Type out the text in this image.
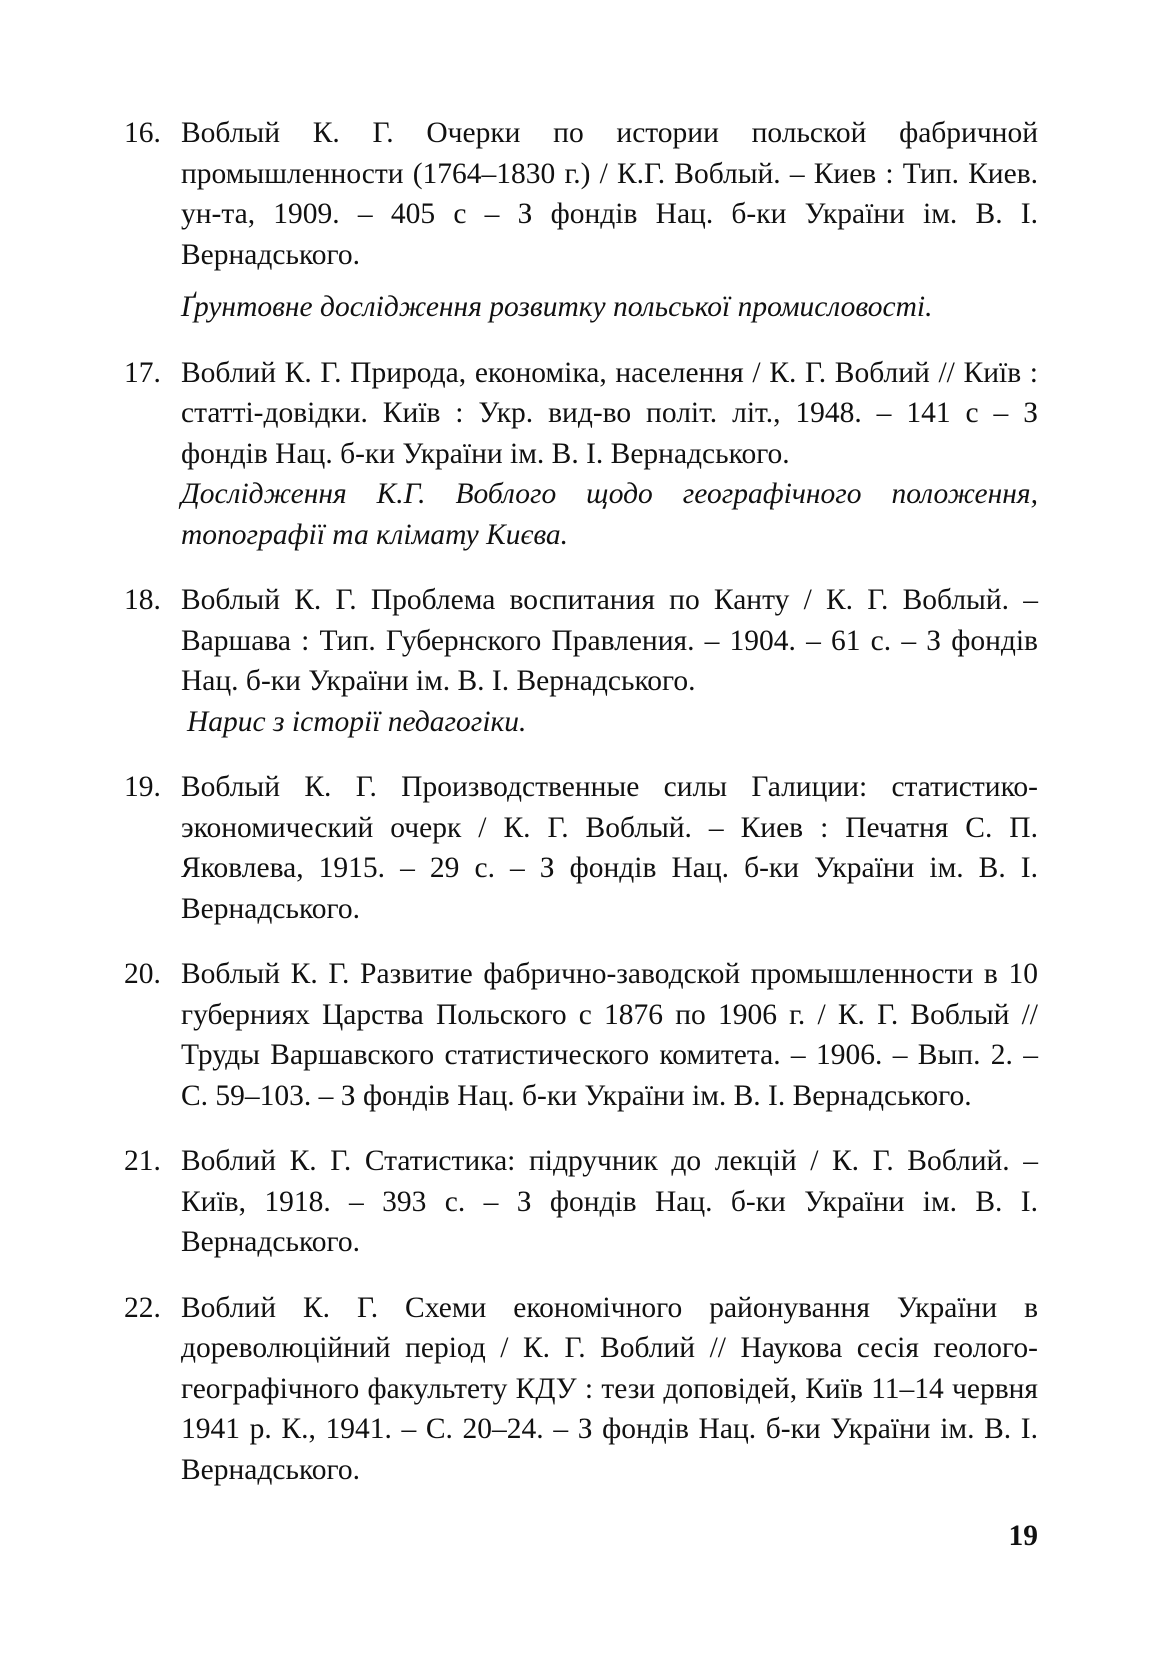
16. Воблый К. Г. Очерки по истории польской фабричной промышленности (1764–1830 г.) / К.Г. Воблый. – Киев : Тип. Киев. ун-та, 1909. – 405 с – З фондів Нац. б-ки України ім. В. І. Вернадського.
Ґрунтовне дослідження розвитку польської промисловості.
17. Воблий К. Г. Природа, економіка, населення / К. Г. Воблий // Київ : статті-довідки. Київ : Укр. вид-во політ. літ., 1948. – 141 с – З фондів Нац. б-ки України ім. В. І. Вернадського.
Дослідження К.Г. Воблого щодо географічного положення, топографії та клімату Києва.
18. Воблый К. Г. Проблема воспитания по Канту / К. Г. Воблый. – Варшава : Тип. Губернского Правления. – 1904. – 61 с. – З фондів Нац. б-ки України ім. В. І. Вернадського.
Нарис з історії педагогіки.
19. Воблый К. Г. Производственные силы Галиции: статистико-экономический очерк / К. Г. Воблый. – Киев : Печатня С. П. Яковлева, 1915. – 29 с. – З фондів Нац. б-ки України ім. В. І. Вернадського.
20. Воблый К. Г. Развитие фабрично-заводской промышленности в 10 губерниях Царства Польского с 1876 по 1906 г. / К. Г. Воблый // Труды Варшавского статистического комитета. – 1906. – Вып. 2. – С. 59–103. – З фондів Нац. б-ки України ім. В. І. Вернадського.
21. Воблий К. Г. Статистика: підручник до лекцій / К. Г. Воблий. – Київ, 1918. – 393 с. – З фондів Нац. б-ки України ім. В. І. Вернадського.
22. Воблий К. Г. Схеми економічного районування України в дореволюційний період / К. Г. Воблий // Наукова сесія геолого-географічного факультету КДУ : тези доповідей, Київ 11–14 червня 1941 р. К., 1941. – С. 20–24. – З фондів Нац. б-ки України ім. В. І. Вернадського.
19
